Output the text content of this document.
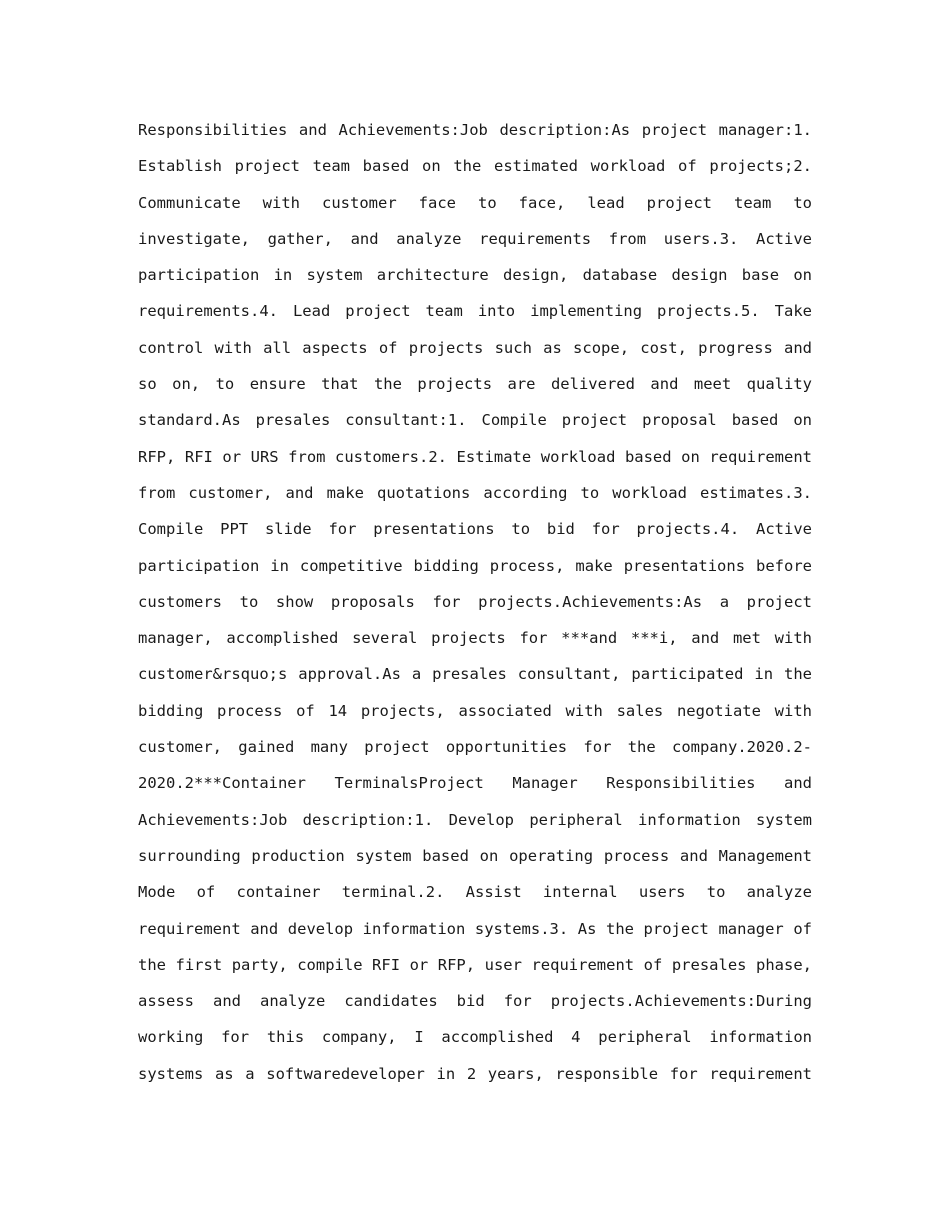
Responsibilities and Achievements:Job description:As project manager:1.
Establish project team based on the estimated workload of projects;2.
Communicate with customer face to face, lead project team to
investigate, gather, and analyze requirements from users.3. Active
participation in system architecture design, database design base on
requirements.4. Lead project team into implementing projects.5. Take
control with all aspects of projects such as scope, cost, progress and
so on, to ensure that the projects are delivered and meet quality
standard.As presales consultant:1. Compile project proposal based on
RFP, RFI or URS from customers.2. Estimate workload based on requirement
from customer, and make quotations according to workload estimates.3.
Compile PPT slide for presentations to bid for projects.4. Active
participation in competitive bidding process, make presentations before
customers to show proposals for projects.Achievements:As a project
manager, accomplished several projects for ***and ***i, and met with
customer&rsquo;s approval.As a presales consultant, participated in the
bidding process of 14 projects, associated with sales negotiate with
customer, gained many project opportunities for the company.2020.2-
2020.2***Container TerminalsProject Manager Responsibilities and
Achievements:Job description:1. Develop peripheral information system
surrounding production system based on operating process and Management
Mode of container terminal.2. Assist internal users to analyze
requirement and develop information systems.3. As the project manager of
the first party, compile RFI or RFP, user requirement of presales phase,
assess and analyze candidates bid for projects.Achievements:During
working for this company, I accomplished 4 peripheral information
systems as a softwaredeveloper in 2 years, responsible for requirement
